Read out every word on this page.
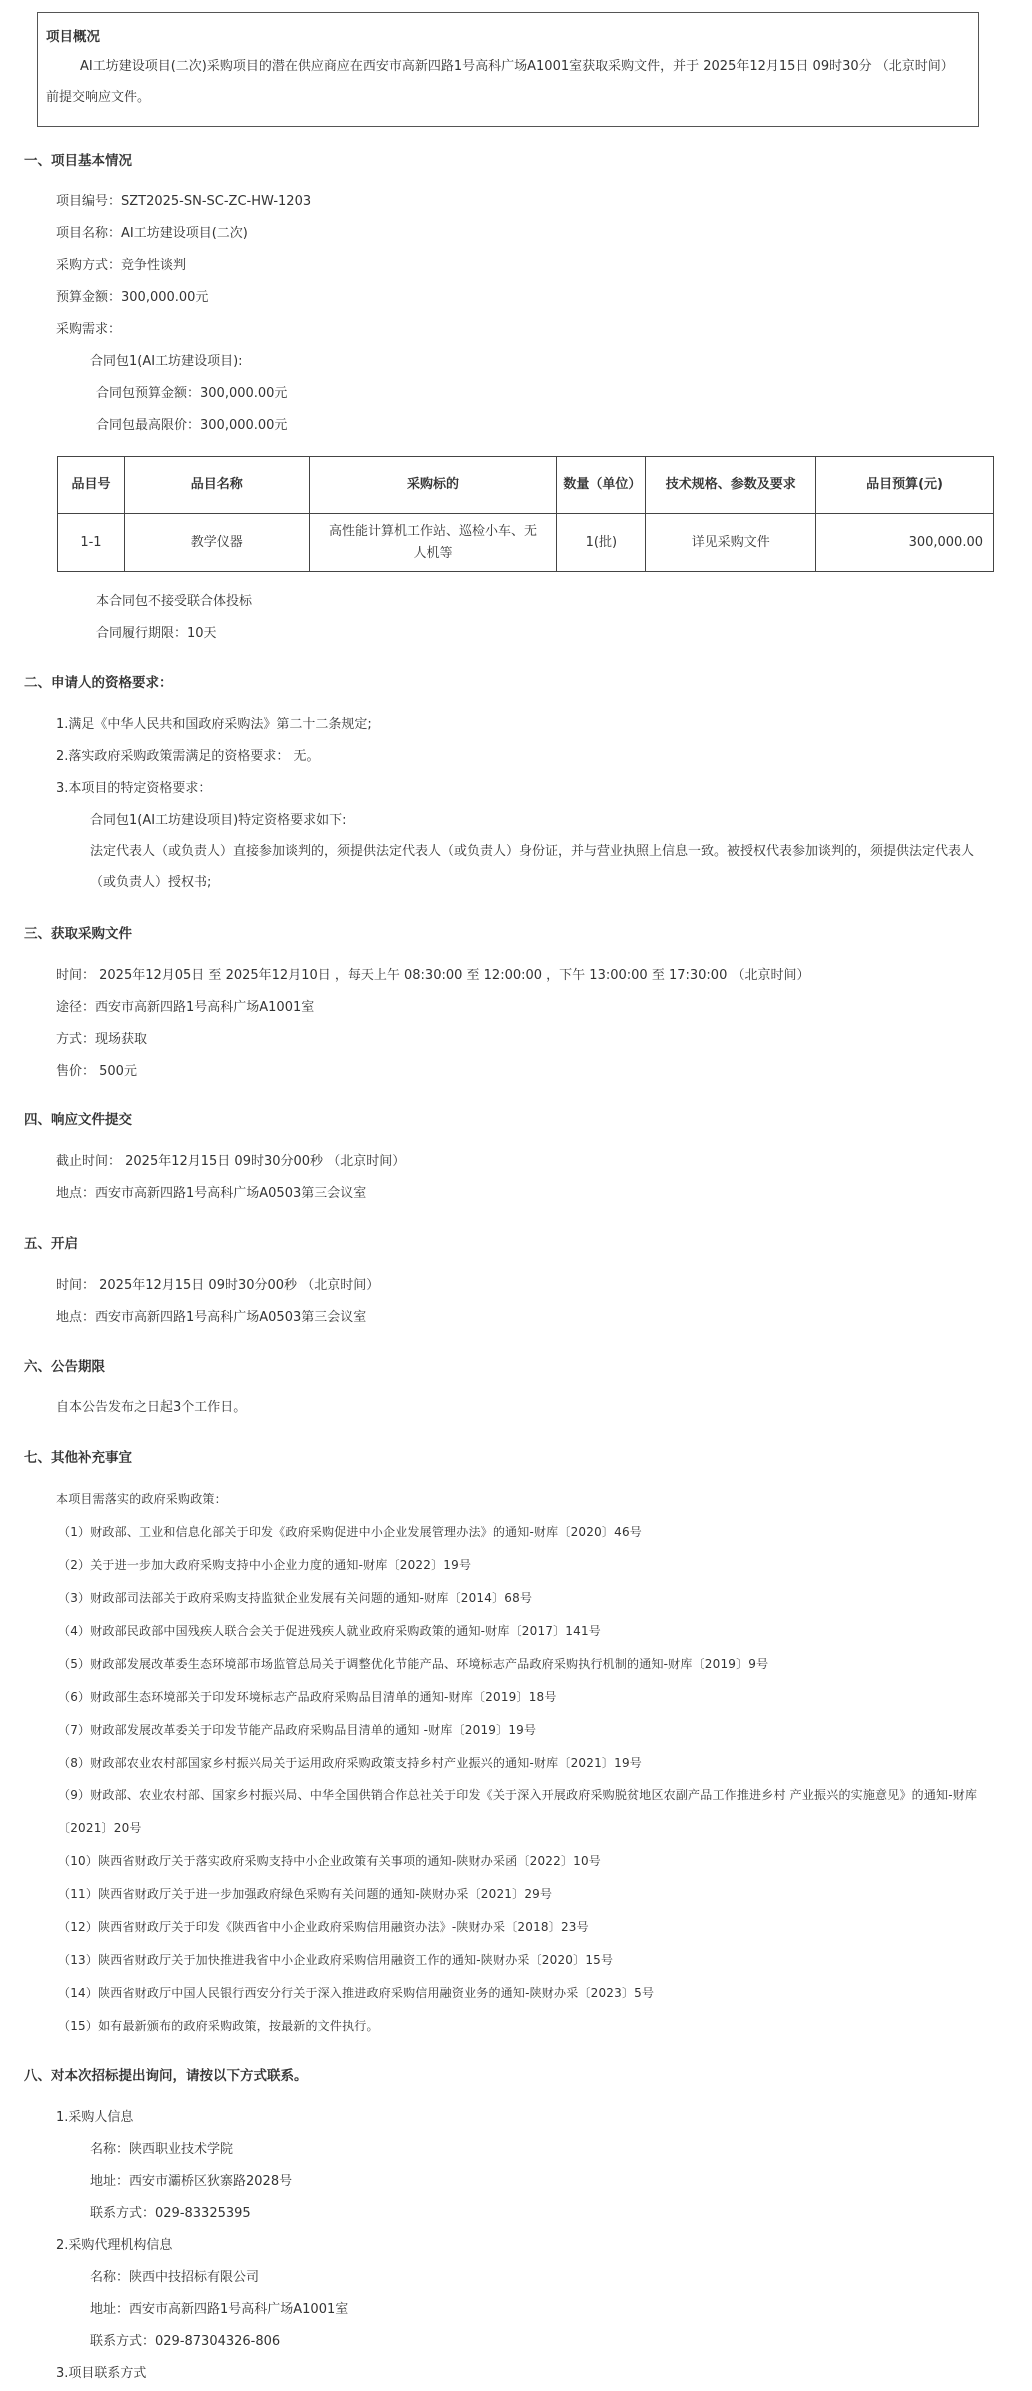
项目概况
AI工坊建设项目(二次)采购项目的潜在供应商应在西安市高新四路1号高科广场A1001室获取采购文件，并于 2025年12月15日 09时30分 （北京时间）前提交响应文件。
一、项目基本情况
项目编号：SZT2025-SN-SC-ZC-HW-1203
项目名称：AI工坊建设项目(二次)
采购方式：竞争性谈判
预算金额：300,000.00元
采购需求：
合同包1(AI工坊建设项目):
合同包预算金额：300,000.00元
合同包最高限价：300,000.00元
品目号	品目名称	采购标的	数量（单位）	技术规格、参数及要求	品目预算(元)
1-1	教学仪器	高性能计算机工作站、巡检小车、无
人机等	1(批)	详见采购文件	300,000.00
本合同包不接受联合体投标
合同履行期限：10天
二、申请人的资格要求：
1.满足《中华人民共和国政府采购法》第二十二条规定;
2.落实政府采购政策需满足的资格要求： 无。
3.本项目的特定资格要求：
合同包1(AI工坊建设项目)特定资格要求如下:
法定代表人（或负责人）直接参加谈判的，须提供法定代表人（或负责人）身份证，并与营业执照上信息一致。被授权代表参加谈判的，须提供法定代表人（或负责人）授权书;
三、获取采购文件
时间： 2025年12月05日 至 2025年12月10日 ，每天上午 08:30:00 至 12:00:00 ，下午 13:00:00 至 17:30:00 （北京时间）
途径：西安市高新四路1号高科广场A1001室
方式：现场获取
售价： 500元
四、响应文件提交
截止时间： 2025年12月15日 09时30分00秒 （北京时间）
地点：西安市高新四路1号高科广场A0503第三会议室
五、开启
时间： 2025年12月15日 09时30分00秒 （北京时间）
地点：西安市高新四路1号高科广场A0503第三会议室
六、公告期限
自本公告发布之日起3个工作日。
七、其他补充事宜
本项目需落实的政府采购政策：
（1）财政部、工业和信息化部关于印发《政府采购促进中小企业发展管理办法》的通知-财库〔2020〕46号
（2）关于进一步加大政府采购支持中小企业力度的通知-财库〔2022〕19号
（3）财政部司法部关于政府采购支持监狱企业发展有关问题的通知-财库〔2014〕68号
（4）财政部民政部中国残疾人联合会关于促进残疾人就业政府采购政策的通知-财库〔2017〕141号
（5）财政部发展改革委生态环境部市场监管总局关于调整优化节能产品、环境标志产品政府采购执行机制的通知-财库〔2019〕9号
（6）财政部生态环境部关于印发环境标志产品政府采购品目清单的通知-财库〔2019〕18号
（7）财政部发展改革委关于印发节能产品政府采购品目清单的通知 -财库〔2019〕19号
（8）财政部农业农村部国家乡村振兴局关于运用政府采购政策支持乡村产业振兴的通知-财库〔2021〕19号
（9）财政部、农业农村部、国家乡村振兴局、中华全国供销合作总社关于印发《关于深入开展政府采购脱贫地区农副产品工作推进乡村 产业振兴的实施意见》的通知-财库〔2021〕20号
（10）陕西省财政厅关于落实政府采购支持中小企业政策有关事项的通知-陕财办采函〔2022〕10号
（11）陕西省财政厅关于进一步加强政府绿色采购有关问题的通知-陕财办采〔2021〕29号
（12）陕西省财政厅关于印发《陕西省中小企业政府采购信用融资办法》-陕财办采〔2018〕23号
（13）陕西省财政厅关于加快推进我省中小企业政府采购信用融资工作的通知-陕财办采〔2020〕15号
（14）陕西省财政厅中国人民银行西安分行关于深入推进政府采购信用融资业务的通知-陕财办采〔2023〕5号
（15）如有最新颁布的政府采购政策，按最新的文件执行。
八、对本次招标提出询问，请按以下方式联系。
1.采购人信息
名称：陕西职业技术学院
地址：西安市灞桥区狄寨路2028号
联系方式：029-83325395
2.采购代理机构信息
名称：陕西中技招标有限公司
地址：西安市高新四路1号高科广场A1001室
联系方式：029-87304326-806
3.项目联系方式
